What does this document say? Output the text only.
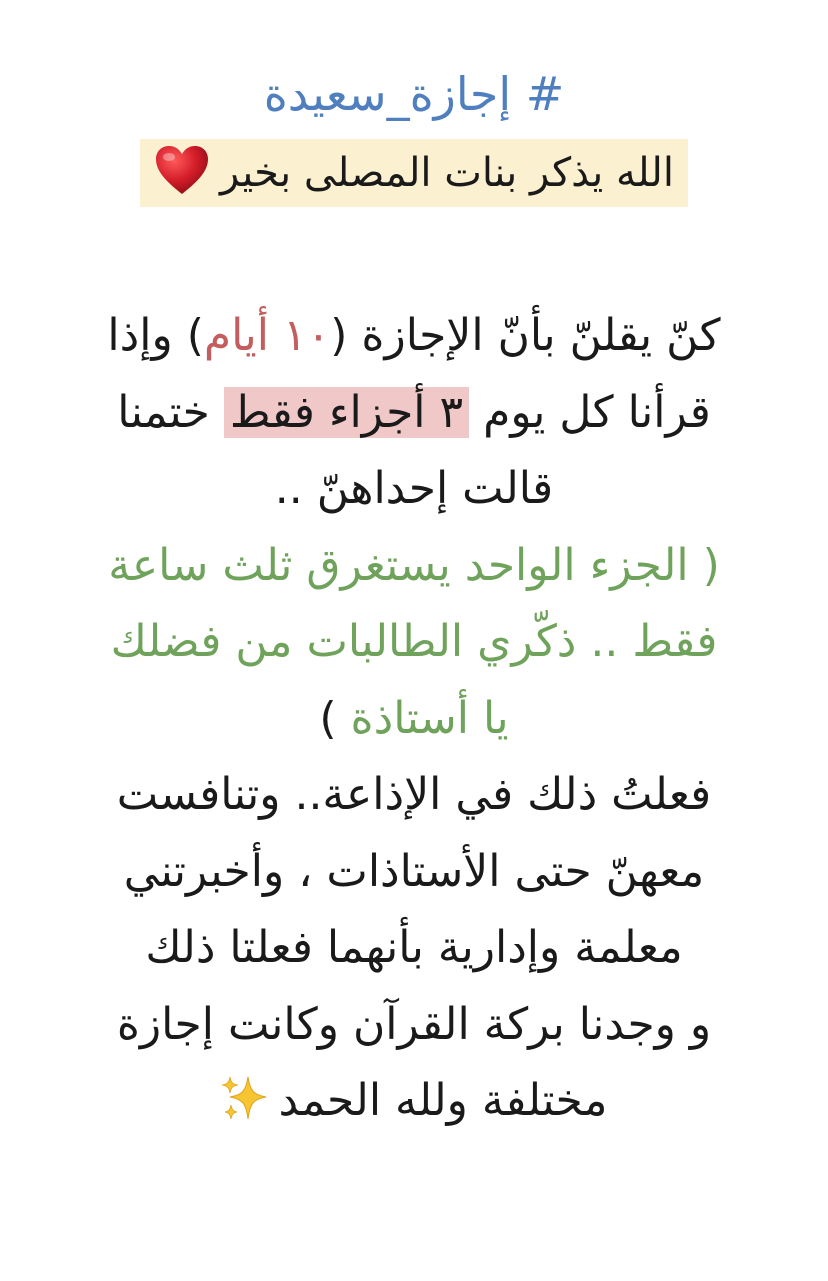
# إجازة_سعيدة
الله يذكر بنات المصلى بخير
كنّ يقلنّ بأنّ الإجازة (١٠ أيام) وإذا
قرأنا كل يوم ٣ أجزاء فقط ختمنا
قالت إحداهنّ ..
( الجزء الواحد يستغرق ثلث ساعة
فقط .. ذكّري الطالبات من فضلك
يا أستاذة )
فعلتُ ذلك في الإذاعة.. وتنافست
معهنّ حتى الأستاذات ، وأخبرتني
معلمة وإدارية بأنهما فعلتا ذلك
و وجدنا بركة القرآن وكانت إجازة
مختلفة ولله الحمد
